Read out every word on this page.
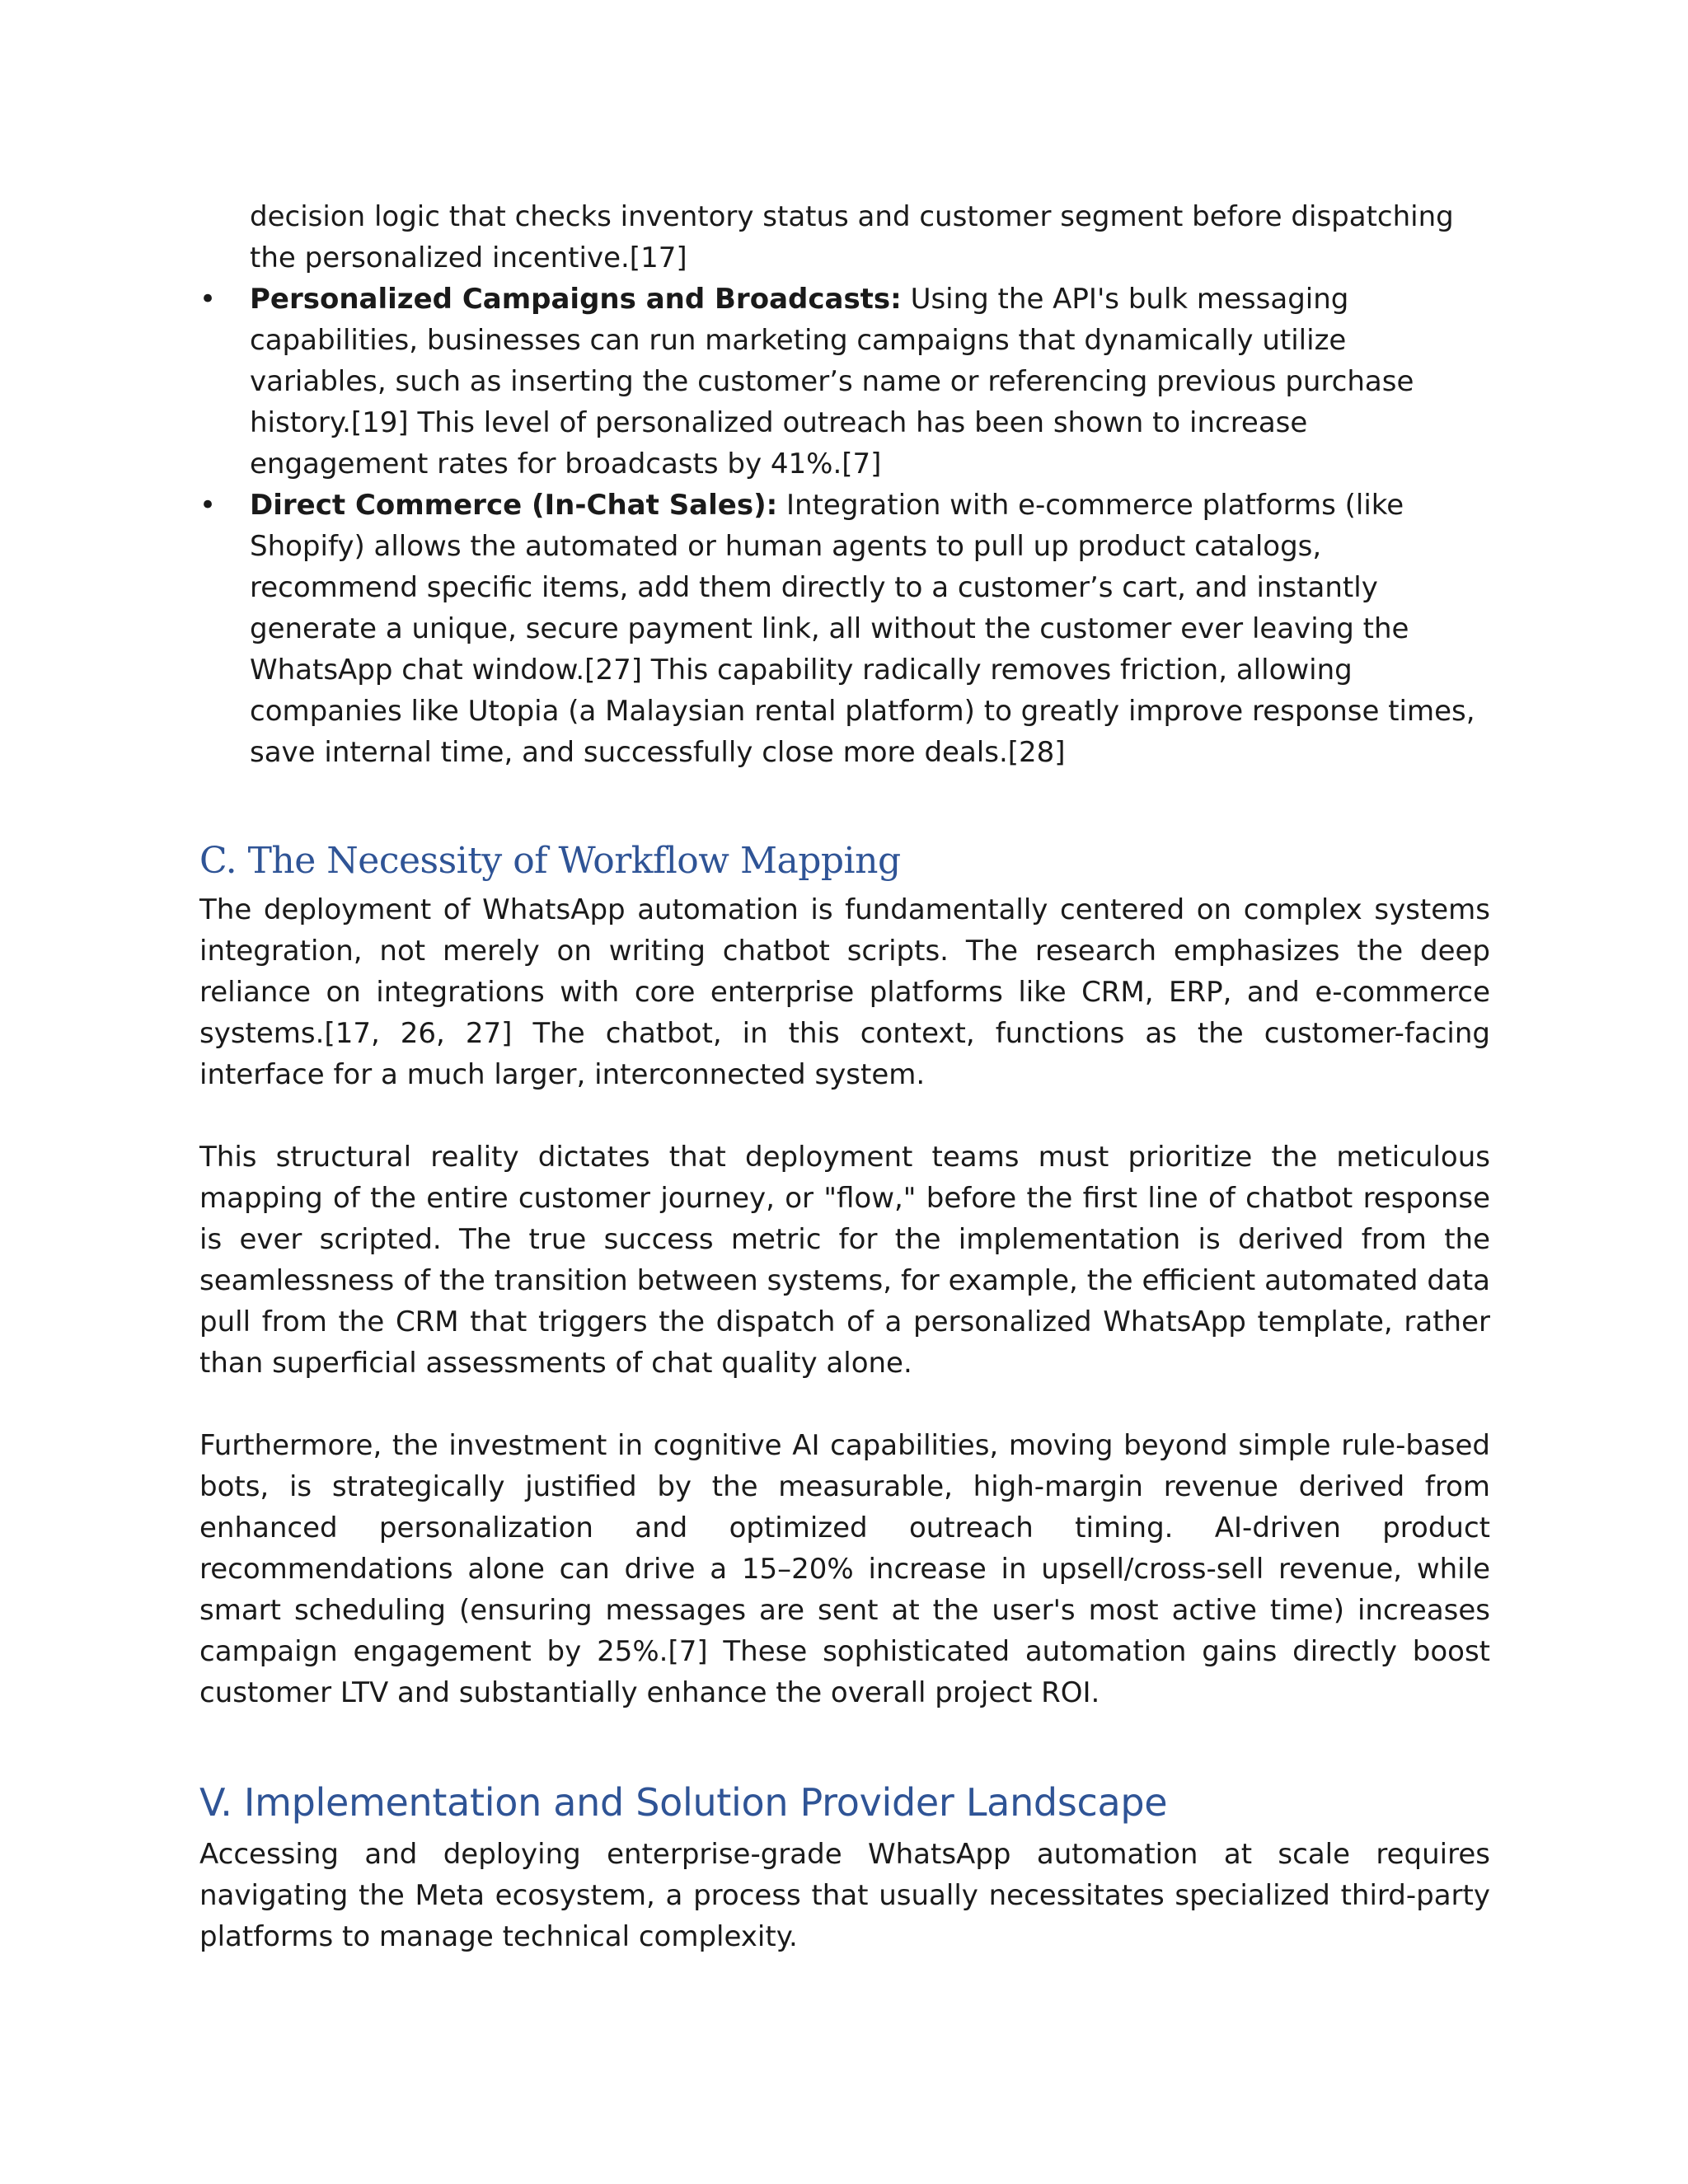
decision logic that checks inventory status and customer segment before dispatching the personalized incentive.[17]
• Personalized Campaigns and Broadcasts: Using the API's bulk messaging capabilities, businesses can run marketing campaigns that dynamically utilize variables, such as inserting the customer’s name or referencing previous purchase history.[19] This level of personalized outreach has been shown to increase engagement rates for broadcasts by 41%.[7]
• Direct Commerce (In-Chat Sales): Integration with e-commerce platforms (like Shopify) allows the automated or human agents to pull up product catalogs, recommend specific items, add them directly to a customer’s cart, and instantly generate a unique, secure payment link, all without the customer ever leaving the WhatsApp chat window.[27] This capability radically removes friction, allowing companies like Utopia (a Malaysian rental platform) to greatly improve response times, save internal time, and successfully close more deals.[28]
C. The Necessity of Workflow Mapping

The deployment of WhatsApp automation is fundamentally centered on complex systems integration, not merely on writing chatbot scripts. The research emphasizes the deep reliance on integrations with core enterprise platforms like CRM, ERP, and e-commerce systems.[17, 26, 27] The chatbot, in this context, functions as the customer-facing interface for a much larger, interconnected system.

This structural reality dictates that deployment teams must prioritize the meticulous mapping of the entire customer journey, or "flow," before the first line of chatbot response is ever scripted. The true success metric for the implementation is derived from the seamlessness of the transition between systems, for example, the efficient automated data pull from the CRM that triggers the dispatch of a personalized WhatsApp template, rather than superficial assessments of chat quality alone.

Furthermore, the investment in cognitive AI capabilities, moving beyond simple rule-based bots, is strategically justified by the measurable, high-margin revenue derived from enhanced personalization and optimized outreach timing. AI-driven product recommendations alone can drive a 15–20% increase in upsell/cross-sell revenue, while smart scheduling (ensuring messages are sent at the user's most active time) increases campaign engagement by 25%.[7] These sophisticated automation gains directly boost customer LTV and substantially enhance the overall project ROI.

V. Implementation and Solution Provider Landscape

Accessing and deploying enterprise-grade WhatsApp automation at scale requires navigating the Meta ecosystem, a process that usually necessitates specialized third-party platforms to manage technical complexity.
